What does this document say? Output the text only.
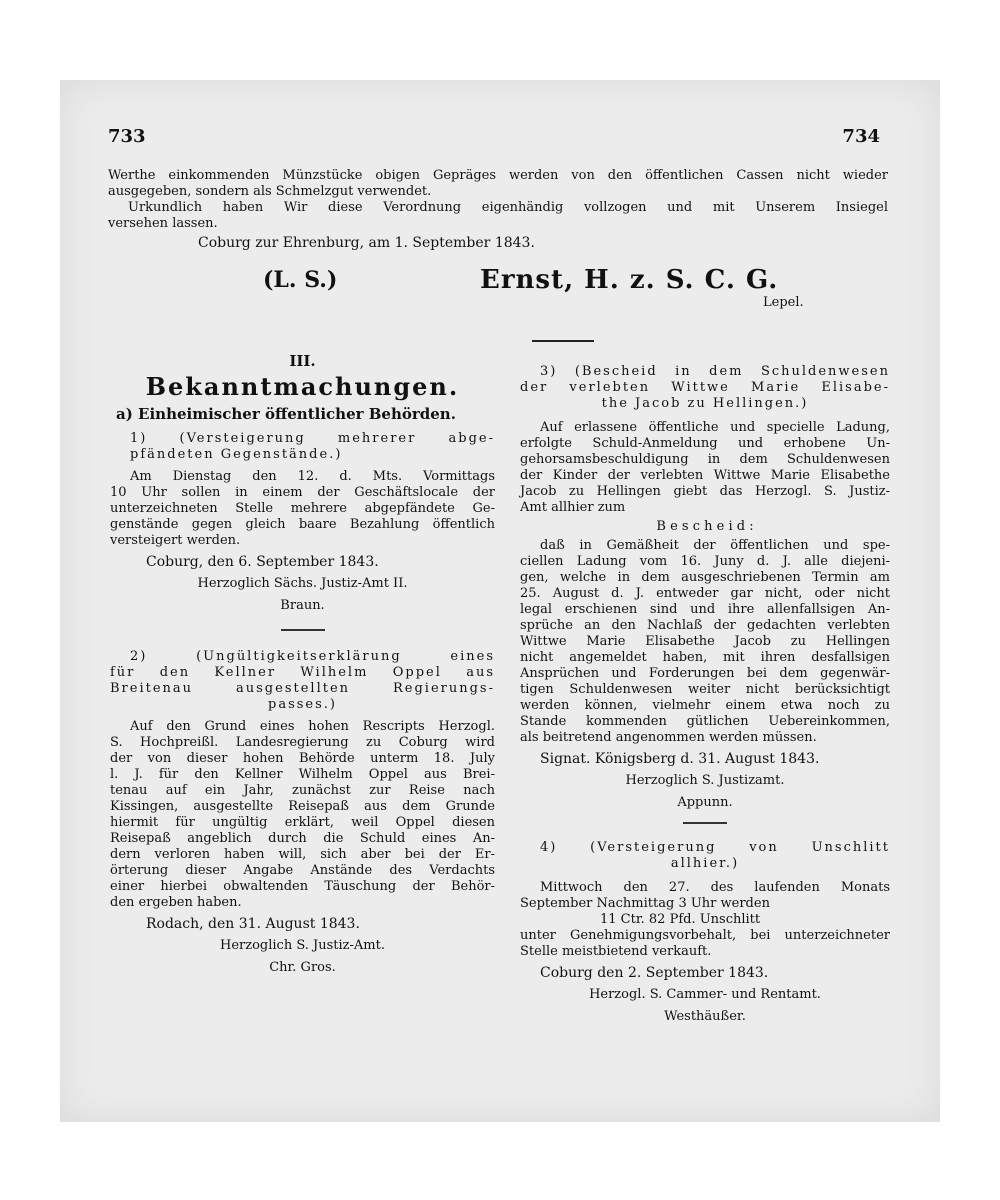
733	734

Werthe einkommenden Münzstücke obigen Gepräges werden von den öffentlichen Cassen nicht wieder

ausgegeben, sondern als Schmelzgut verwendet.

Urkundlich haben Wir diese Verordnung eigenhändig vollzogen und mit Unserem Insiegel

versehen lassen.

Coburg zur Ehrenburg, am 1. September 1843.

(L. S.)	Ernst, H. z. S. C. G.
Lepel.

III.

Bekanntmachungen.

a) Einheimischer öffentlicher Behörden.

1) (Versteigerung mehrerer abge-

pfändeten Gegenstände.)

Am Dienstag den 12. d. Mts. Vormittags

10 Uhr sollen in einem der Geschäftslocale der

unterzeichneten Stelle mehrere abgepfändete Ge-

genstände gegen gleich baare Bezahlung öffentlich

versteigert werden.

Coburg, den 6. September 1843.

Herzoglich Sächs. Justiz-Amt II.

Braun.

2) (Ungültigkeitserklärung eines

für den Kellner Wilhelm Oppel aus

Breitenau ausgestellten Regierungs-

passes.)

Auf den Grund eines hohen Rescripts Herzogl.

S. Hochpreißl. Landesregierung zu Coburg wird

der von dieser hohen Behörde unterm 18. July

l. J. für den Kellner Wilhelm Oppel aus Brei-

tenau auf ein Jahr, zunächst zur Reise nach

Kissingen, ausgestellte Reisepaß aus dem Grunde

hiermit für ungültig erklärt, weil Oppel diesen

Reisepaß angeblich durch die Schuld eines An-

dern verloren haben will, sich aber bei der Er-

örterung dieser Angabe Anstände des Verdachts

einer hierbei obwaltenden Täuschung der Behör-

den ergeben haben.

Rodach, den 31. August 1843.

Herzoglich S. Justiz-Amt.

Chr. Gros.

3) (Bescheid in dem Schuldenwesen

der verlebten Wittwe Marie Elisabe-

the Jacob zu Hellingen.)

Auf erlassene öffentliche und specielle Ladung,

erfolgte Schuld-Anmeldung und erhobene Un-

gehorsamsbeschuldigung in dem Schuldenwesen

der Kinder der verlebten Wittwe Marie Elisabethe

Jacob zu Hellingen giebt das Herzogl. S. Justiz-

Amt allhier zum

B e s c h e i d :

daß in Gemäßheit der öffentlichen und spe-

ciellen Ladung vom 16. Juny d. J. alle diejeni-

gen, welche in dem ausgeschriebenen Termin am

25. August d. J. entweder gar nicht, oder nicht

legal erschienen sind und ihre allenfallsigen An-

sprüche an den Nachlaß der gedachten verlebten

Wittwe Marie Elisabethe Jacob zu Hellingen

nicht angemeldet haben, mit ihren desfallsigen

Ansprüchen und Forderungen bei dem gegenwär-

tigen Schuldenwesen weiter nicht berücksichtigt

werden können, vielmehr einem etwa noch zu

Stande kommenden gütlichen Uebereinkommen,

als beitretend angenommen werden müssen.

Signat. Königsberg d. 31. August 1843.

Herzoglich S. Justizamt.

Appunn.

4) (Versteigerung von Unschlitt

allhier.)

Mittwoch den 27. des laufenden Monats

September Nachmittag 3 Uhr werden

11 Ctr. 82 Pfd. Unschlitt

unter Genehmigungsvorbehalt, bei unterzeichneter

Stelle meistbietend verkauft.

Coburg den 2. September 1843.

Herzogl. S. Cammer- und Rentamt.

Westhäußer.
